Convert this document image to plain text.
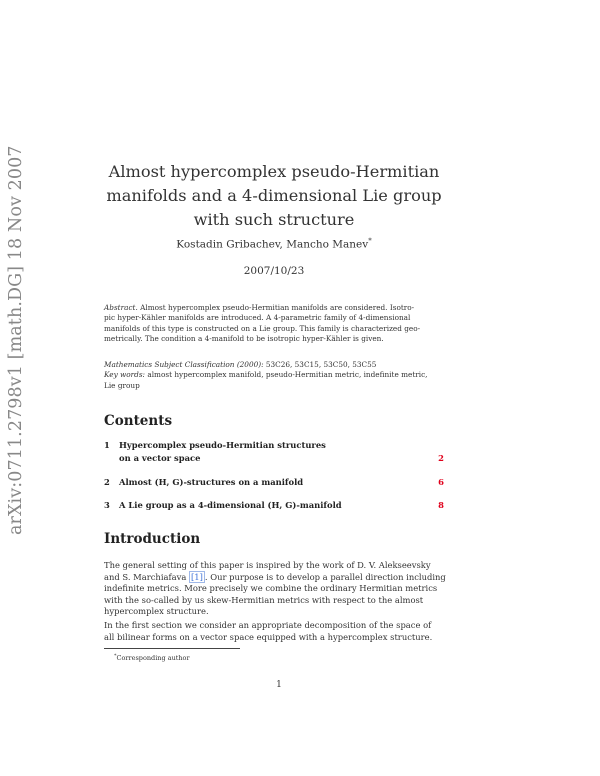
arXiv:0711.2798v1 [math.DG] 18 Nov 2007	Almost hypercomplex pseudo-Hermitian
manifolds and a 4-dimensional Lie group
with such structure
Kostadin Gribachev, Mancho Manev*
2007/10/23
Abstract. Almost hypercomplex pseudo-Hermitian manifolds are considered. Isotro-
pic hyper-Kähler manifolds are introduced. A 4-parametric family of 4-dimensional
manifolds of this type is constructed on a Lie group. This family is characterized geo-
metrically. The condition a 4-manifold to be isotropic hyper-Kähler is given.
Mathematics Subject Classification (2000): 53C26, 53C15, 53C50, 53C55
Key words: almost hypercomplex manifold, pseudo-Hermitian metric, indefinite metric,
Lie group
Contents
1 Hypercomplex pseudo-Hermitian structures
on a vector space	2
2 Almost (H, G)-structures on a manifold	6
3 A Lie group as a 4-dimensional (H, G)-manifold	8
Introduction
The general setting of this paper is inspired by the work of D. V. Alekseevsky
and S. Marchiafava [1] . Our purpose is to develop a parallel direction including
indefinite metrics. More precisely we combine the ordinary Hermitian metrics
with the so-called by us skew-Hermitian metrics with respect to the almost
hypercomplex structure.
In the first section we consider an appropriate decomposition of the space of
all bilinear forms on a vector space equipped with a hypercomplex structure.
*Corresponding author
1
